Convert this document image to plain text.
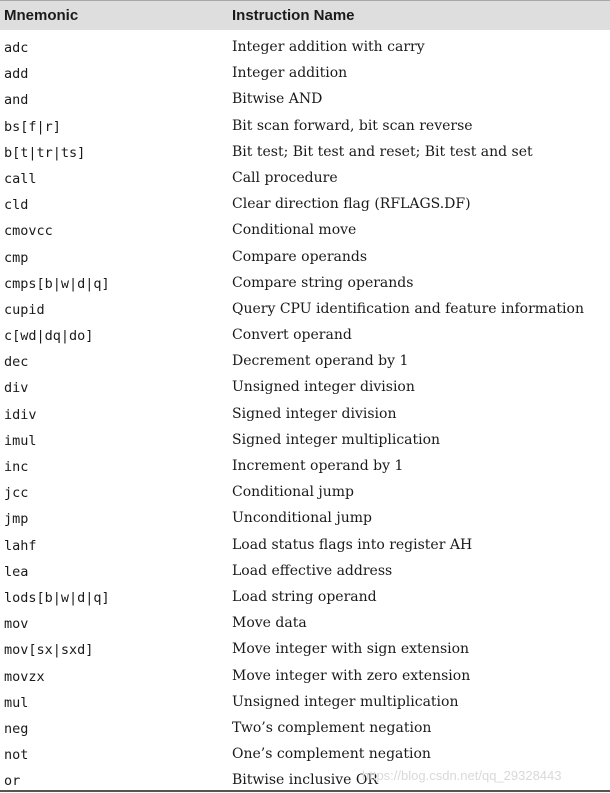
Mnemonic	Instruction Name
adc	Integer addition with carry
add	Integer addition
and	Bitwise AND
bs[f|r]	Bit scan forward, bit scan reverse
b[t|tr|ts]	Bit test; Bit test and reset; Bit test and set
call	Call procedure
cld	Clear direction flag (RFLAGS.DF)
cmovcc	Conditional move
cmp	Compare operands
cmps[b|w|d|q]	Compare string operands
cupid	Query CPU identification and feature information
c[wd|dq|do]	Convert operand
dec	Decrement operand by 1
div	Unsigned integer division
idiv	Signed integer division
imul	Signed integer multiplication
inc	Increment operand by 1
jcc	Conditional jump
jmp	Unconditional jump
lahf	Load status flags into register AH
lea	Load effective address
lods[b|w|d|q]	Load string operand
mov	Move data
mov[sx|sxd]	Move integer with sign extension
movzx	Move integer with zero extension
mul	Unsigned integer multiplication
neg	Two’s complement negation
not	One’s complement negation
or	Bitwise inclusive OR
https://blog.csdn.net/qq_29328443
